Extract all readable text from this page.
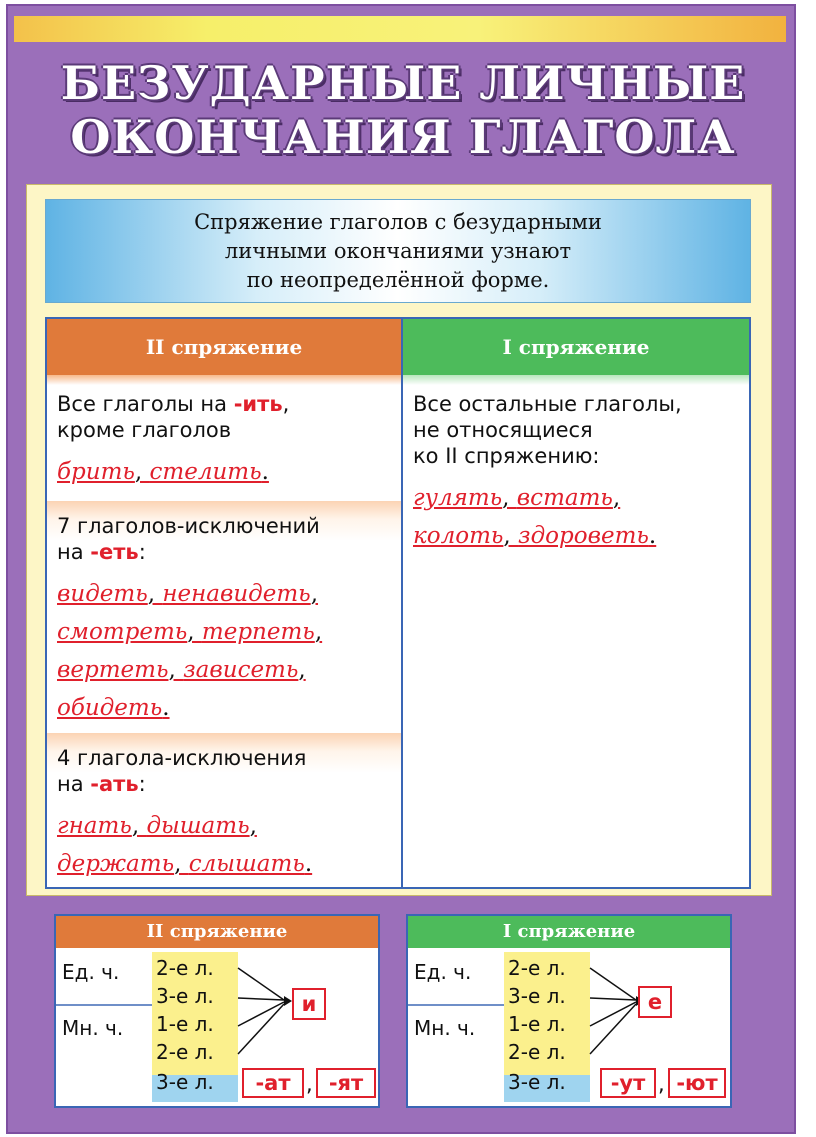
БЕЗУДАРНЫЕ ЛИЧНЫЕ
ОКОНЧАНИЯ ГЛАГОЛА
Спряжение глаголов с безударными
личными окончаниями узнают
по неопределённой форме.
II спряжение	I спряжение
Все глаголы на -ить,
кроме глаголов
брить, стелить.
7 глаголов-исключений
на -еть:
видеть, ненавидеть,
смотреть, терпеть,
вертеть, зависеть,
обидеть.
4 глагола-исключения
на -ать:
гнать, дышать,
держать, слышать.
Все остальные глаголы,
не относящиеся
ко II спряжению:
гулять, встать,
колоть, здороветь.
II спряжение
Ед. ч.
Мн. ч.
2-е л.
3-е л.
1-е л.
2-е л.
3-е л.
и
-ат , -ят
I спряжение
Ед. ч.
Мн. ч.
2-е л.
3-е л.
1-е л.
2-е л.
3-е л.
е
-ут , -ют
